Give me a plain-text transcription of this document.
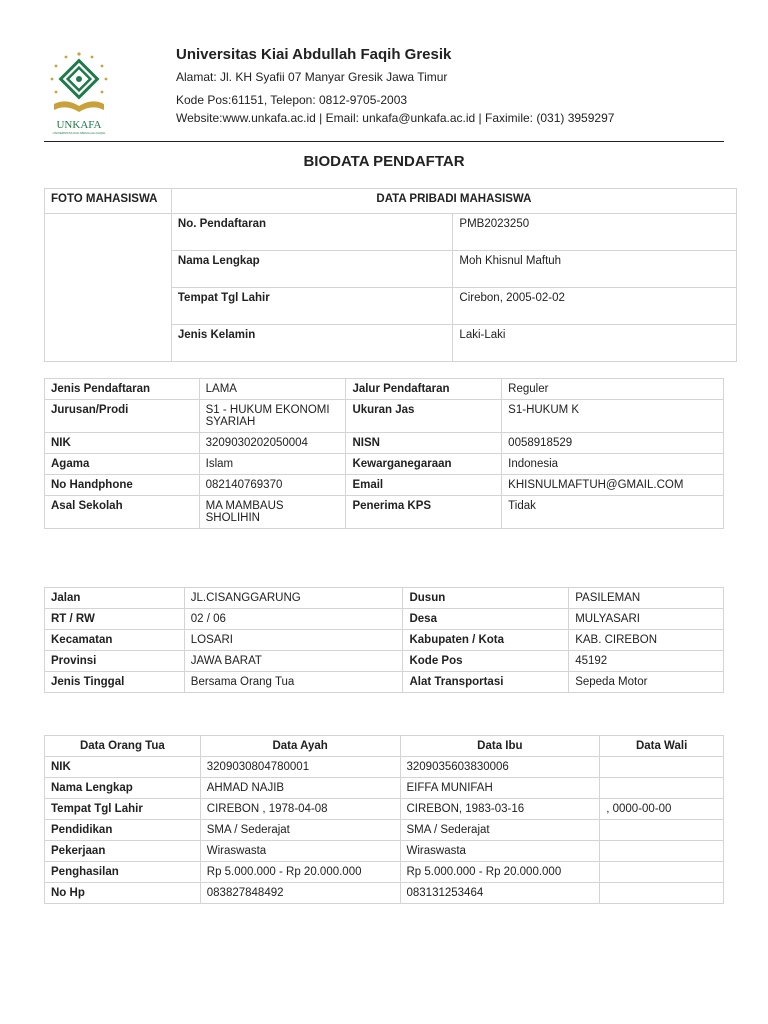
UNKAFA
UNIVERSITAS KIAI ABDULLAH FAQIH
Universitas Kiai Abdullah Faqih Gresik
Alamat: Jl. KH Syafii 07 Manyar Gresik Jawa Timur
Kode Pos:61151, Telepon: 0812-9705-2003
Website:www.unkafa.ac.id | Email: unkafa@unkafa.ac.id | Faximile: (031) 3959297
BIODATA PENDAFTAR
FOTO MAHASISWA	DATA PRIBADI MAHASISWA	
	No. Pendaftaran	PMB2023250
	Nama Lengkap	Moh Khisnul Maftuh
	Tempat Tgl Lahir	Cirebon, 2005-02-02
	Jenis Kelamin	Laki-Laki
Jenis Pendaftaran	LAMA	Jalur Pendaftaran	Reguler
Jurusan/Prodi	S1 - HUKUM EKONOMI SYARIAH	Ukuran Jas	S1-HUKUM K
NIK	3209030202050004	NISN	0058918529
Agama	Islam	Kewarganegaraan	Indonesia
No Handphone	082140769370	Email	KHISNULMAFTUH@GMAIL.COM
Asal Sekolah	MA MAMBAUS SHOLIHIN	Penerima KPS	Tidak
Jalan	JL.CISANGGARUNG	Dusun	PASILEMAN
RT / RW	02 / 06	Desa	MULYASARI
Kecamatan	LOSARI	Kabupaten / Kota	KAB. CIREBON
Provinsi	JAWA BARAT	Kode Pos	45192
Jenis Tinggal	Bersama Orang Tua	Alat Transportasi	Sepeda Motor
Data Orang Tua	Data Ayah	Data Ibu	Data Wali
NIK	3209030804780001	3209035603830006	
Nama Lengkap	AHMAD NAJIB	EIFFA MUNIFAH	
Tempat Tgl Lahir	CIREBON , 1978-04-08	CIREBON, 1983-03-16	, 0000-00-00
Pendidikan	SMA / Sederajat	SMA / Sederajat	
Pekerjaan	Wiraswasta	Wiraswasta	
Penghasilan	Rp 5.000.000 - Rp 20.000.000	Rp 5.000.000 - Rp 20.000.000	
No Hp	083827848492	083131253464	
